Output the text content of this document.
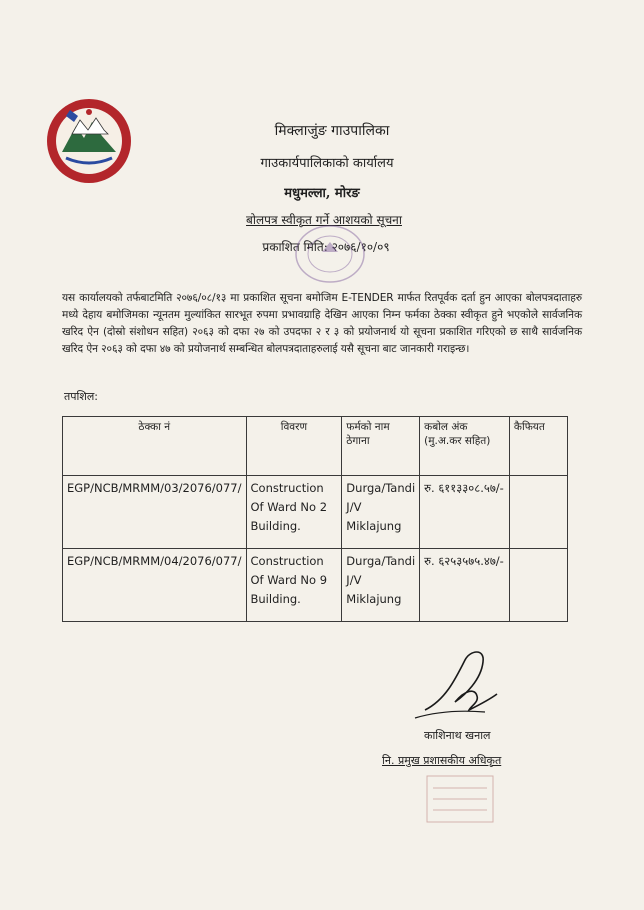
मिक्लाजुंङ गाउपालिका
गाउकार्यपालिकाको कार्यालय
मधुमल्ला, मोरङ
बोलपत्र स्वीकृत गर्ने आशयको सूचना
प्रकाशित मिति: २०७६/१०/०९
यस कार्यालयको तर्फबाटमिति २०७६/०८/१३ मा प्रकाशित सूचना बमोजिम E-TENDER मार्फत रितपूर्वक दर्ता हुन आएका बोलपत्रदाताहरु मध्ये देहाय बमोजिमका न्यूनतम मुल्यांकित सारभूत रुपमा प्रभावग्राहि देखिन आएका निम्न फर्मका ठेक्का स्वीकृत हुने भएकोले सार्वजनिक खरिद ऐन (दोस्रो संशोधन सहित) २०६३ को दफा २७ को उपदफा २ र ३ को प्रयोजनार्थ यो सूचना प्रकाशित गरिएको छ साथै सार्वजनिक खरिद ऐन २०६३ को दफा ४७ को प्रयोजनार्थ सम्बन्धित बोलपत्रदाताहरुलाई यसै सूचना बाट जानकारी गराइन्छ।
तपशिल:
ठेक्का नं	विवरण	फर्मको नाम ठेगाना	कबोल अंक (मु.अ.कर सहित)	कैफियत
EGP/NCB/MRMM/03/2076/077/	Construction Of Ward No 2 Building.	Durga/Tandi J/V Miklajung	रु. ६११३३०८.५७/-	
EGP/NCB/MRMM/04/2076/077/	Construction Of Ward No 9 Building.	Durga/Tandi J/V Miklajung	रु. ६२५३५७५.४७/-	
काशिनाथ खनाल
नि. प्रमुख प्रशासकीय अधिकृत
